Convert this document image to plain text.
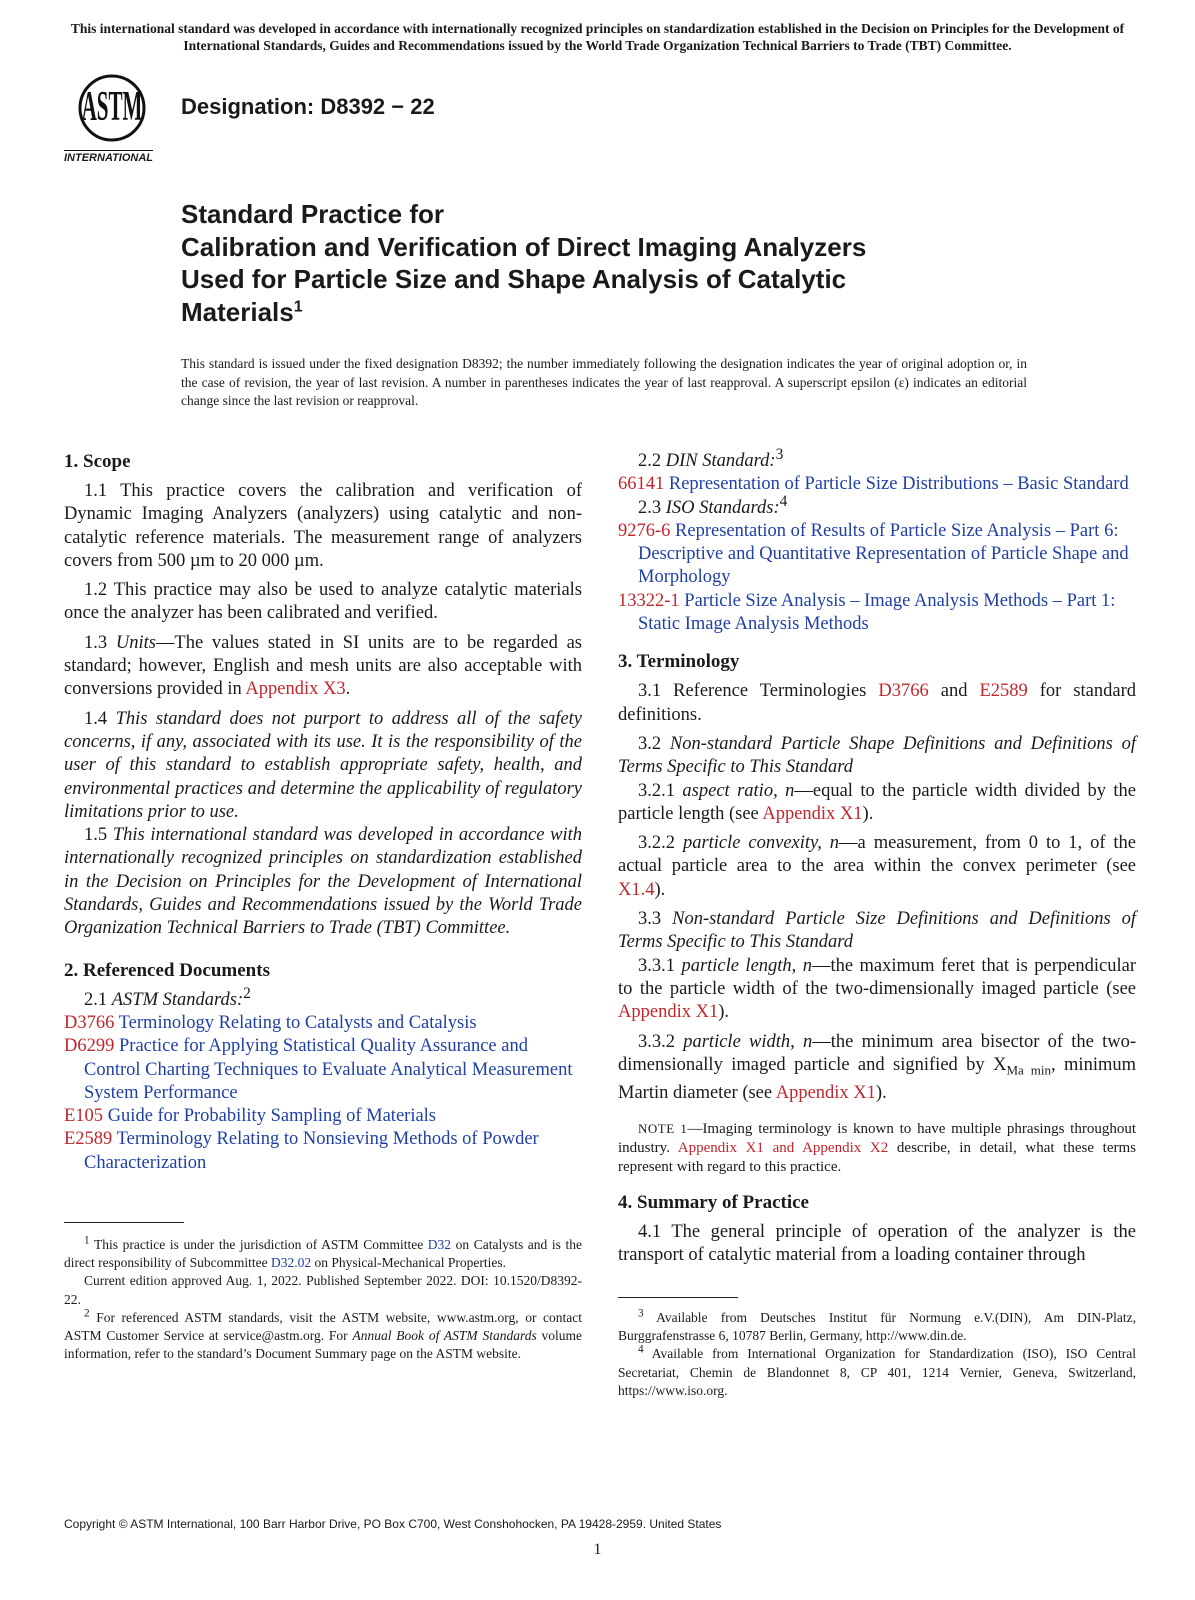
This international standard was developed in accordance with internationally recognized principles on standardization established in the Decision on Principles for the Development of International Standards, Guides and Recommendations issued by the World Trade Organization Technical Barriers to Trade (TBT) Committee.
ASTM
INTERNATIONAL
Designation: D8392 − 22
Standard Practice for
Calibration and Verification of Direct Imaging Analyzers
Used for Particle Size and Shape Analysis of Catalytic
Materials$^1$
This standard is issued under the fixed designation D8392; the number immediately following the designation indicates the year of original adoption or, in the case of revision, the year of last revision. A number in parentheses indicates the year of last reapproval. A superscript epsilon (ε) indicates an editorial change since the last revision or reapproval.
1. Scope

1.1 This practice covers the calibration and verification of Dynamic Imaging Analyzers (analyzers) using catalytic and non-catalytic reference materials. The measurement range of analyzers covers from 500 µm to 20 000 µm.

1.2 This practice may also be used to analyze catalytic materials once the analyzer has been calibrated and verified.

1.3 Units—The values stated in SI units are to be regarded as standard; however, English and mesh units are also acceptable with conversions provided in Appendix X3.

1.4 This standard does not purport to address all of the safety concerns, if any, associated with its use. It is the responsibility of the user of this standard to establish appropriate safety, health, and environmental practices and determine the applicability of regulatory limitations prior to use.

1.5 This international standard was developed in accordance with internationally recognized principles on standardization established in the Decision on Principles for the Development of International Standards, Guides and Recommendations issued by the World Trade Organization Technical Barriers to Trade (TBT) Committee.

2. Referenced Documents

2.1 ASTM Standards:$^2$

D3766 Terminology Relating to Catalysts and Catalysis

D6299 Practice for Applying Statistical Quality Assurance and Control Charting Techniques to Evaluate Analytical Measurement System Performance

E105 Guide for Probability Sampling of Materials

E2589 Terminology Relating to Nonsieving Methods of Powder Characterization

$^1$ This practice is under the jurisdiction of ASTM Committee D32 on Catalysts and is the direct responsibility of Subcommittee D32.02 on Physical-Mechanical Properties.

Current edition approved Aug. 1, 2022. Published September 2022. DOI: 10.1520/D8392-22.

$^2$ For referenced ASTM standards, visit the ASTM website, www.astm.org, or contact ASTM Customer Service at service@astm.org. For Annual Book of ASTM Standards volume information, refer to the standard’s Document Summary page on the ASTM website.

2.2 DIN Standard:$^3$

66141 Representation of Particle Size Distributions – Basic Standard

2.3 ISO Standards:$^4$

9276-6 Representation of Results of Particle Size Analysis – Part 6: Descriptive and Quantitative Representation of Particle Shape and Morphology

13322-1 Particle Size Analysis – Image Analysis Methods – Part 1: Static Image Analysis Methods

3. Terminology

3.1 Reference Terminologies D3766 and E2589 for standard definitions.

3.2 Non-standard Particle Shape Definitions and Definitions of Terms Specific to This Standard

3.2.1 aspect ratio, n—equal to the particle width divided by the particle length (see Appendix X1).

3.2.2 particle convexity, n—a measurement, from 0 to 1, of the actual particle area to the area within the convex perimeter (see X1.4).

3.3 Non-standard Particle Size Definitions and Definitions of Terms Specific to This Standard

3.3.1 particle length, n—the maximum feret that is perpendicular to the particle width of the two-dimensionally imaged particle (see Appendix X1).

3.3.2 particle width, n—the minimum area bisector of the two-dimensionally imaged particle and signified by $X_{Ma min}$, minimum Martin diameter (see Appendix X1).

NOTE 1—Imaging terminology is known to have multiple phrasings throughout industry. Appendix X1 and Appendix X2 describe, in detail, what these terms represent with regard to this practice.

4. Summary of Practice

4.1 The general principle of operation of the analyzer is the transport of catalytic material from a loading container through

$^3$ Available from Deutsches Institut für Normung e.V.(DIN), Am DIN-Platz, Burggrafenstrasse 6, 10787 Berlin, Germany, http://www.din.de.

$^4$ Available from International Organization for Standardization (ISO), ISO Central Secretariat, Chemin de Blandonnet 8, CP 401, 1214 Vernier, Geneva, Switzerland, https://www.iso.org.

Copyright © ASTM International, 100 Barr Harbor Drive, PO Box C700, West Conshohocken, PA 19428-2959. United States
1
